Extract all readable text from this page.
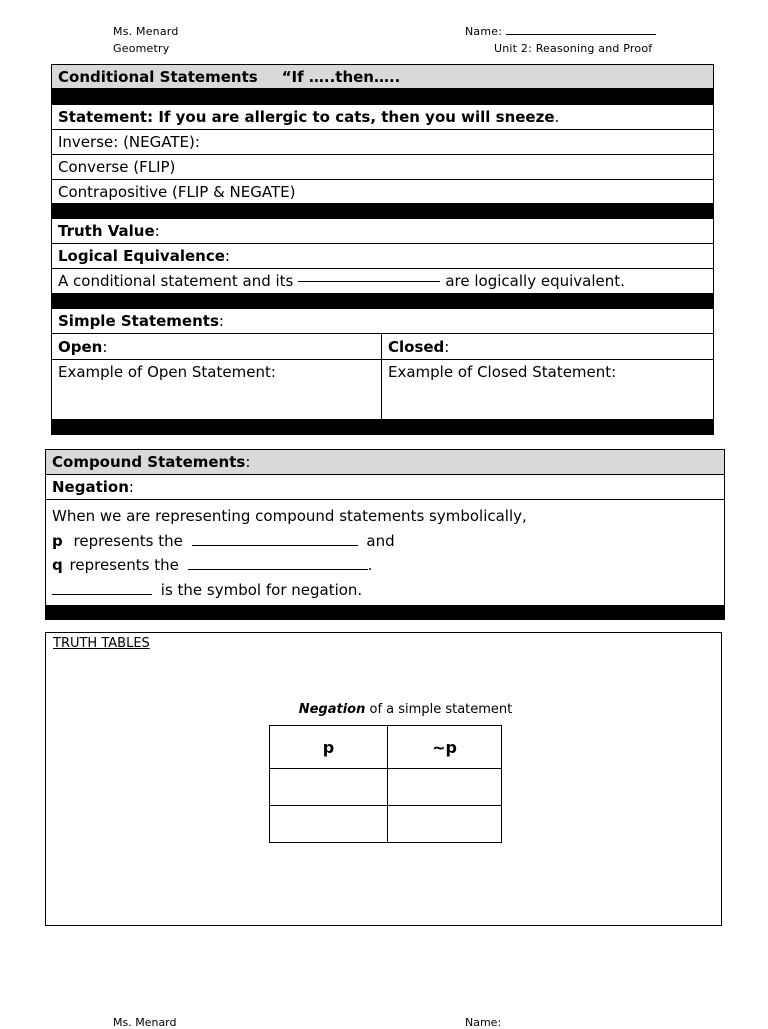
Ms. Menard
Geometry
Name:
Unit 2: Reasoning and Proof
Conditional Statements “If …..then…..
Statement : If you are allergic to cats, then you will sneeze .
Inverse: (NEGATE):
Converse (FLIP)
Contrapositive (FLIP & NEGATE)
Truth Value :
Logical Equivalence :
A conditional statement and its	are logically equivalent.
Simple Statements :
Open :	Closed :
Example of Open Statement:	Example of Closed Statement:
Compound Statements :
Negation :
When we are representing compound statements symbolically,
p represents the	and
q represents the	.
is the symbol for negation.
TRUTH TABLES
Negation of a simple statement
p	~p

Ms. Menard	Name:
